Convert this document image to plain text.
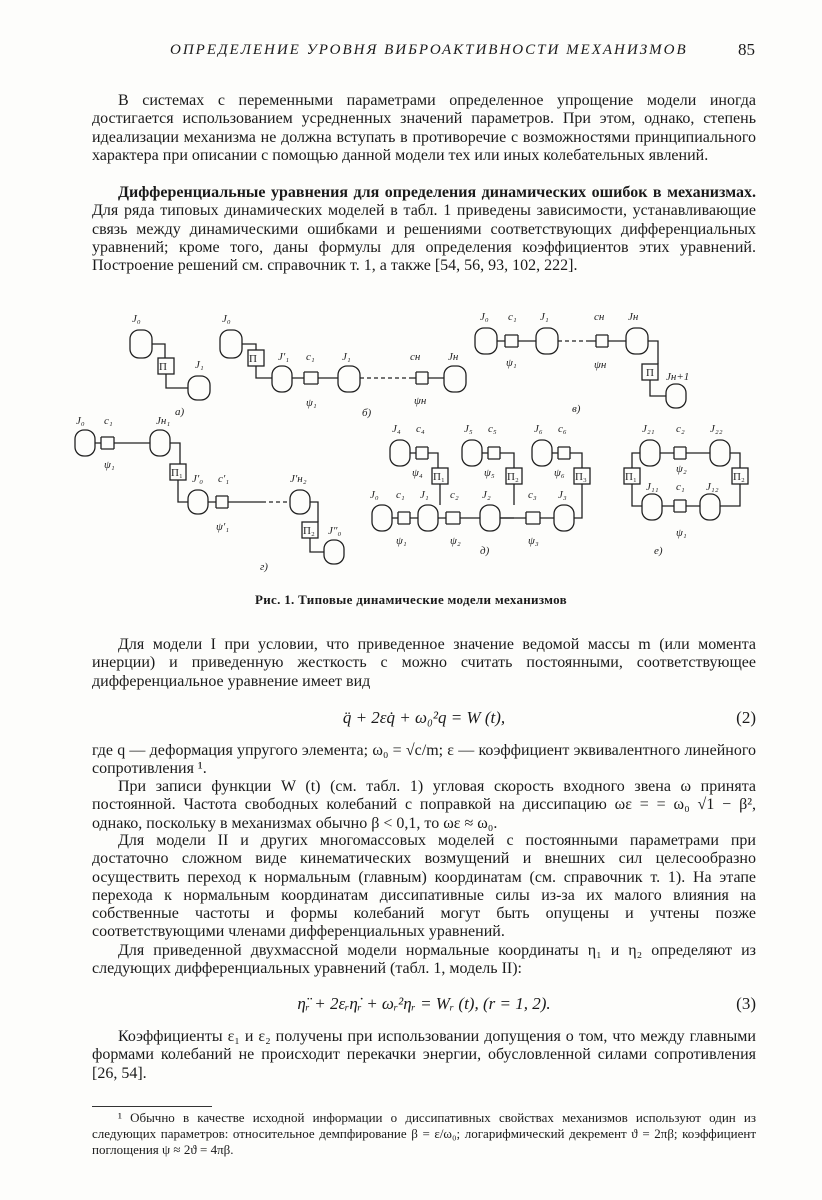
ОПРЕДЕЛЕНИЕ УРОВНЯ ВИБРОАКТИВНОСТИ МЕХАНИЗМОВ	85

В системах с переменными параметрами определенное упрощение модели иногда достигается использованием усредненных значений параметров. При этом, однако, степень идеализации механизма не должна вступать в противоречие с возможностями принципиального характера при описании с помощью данной модели тех или иных колебательных явлений.

Дифференциальные уравнения для определения динамических ошибок в механизмах. Для ряда типовых динамических моделей в табл. 1 приведены зависимости, устанавливающие связь между динамическими ошибками и решениями соответствующих дифференциальных уравнений; кроме того, даны формулы для определения коэффициентов этих уравнений. Построение решений см. справочник т. 1, а также [54, 56, 93, 102, 222].

J₀
J₁
П
а)
J₀
J′₁ c₁ J₁
ψ₁
cн	Jн
ψн
б)
П
J₀ c₁ J₁
ψ₁
cн Jн
ψн
Jн+1
П
в)
J₀ c₁
ψ₁
Jн₁
П₁ J′₀ c′₁
ψ′₁
J′н₂
П₂ J″₀
г)
J₀ c₁ J₁
ψ₁
c₂
ψ₂
J₂	c₃
ψ₃
J₃
J₄ c₄
ψ₄
J₅ c₅
ψ₅
J₆ c₆
ψ₆
П₁	П₂	П₃
д)
J₂₁ c₂
ψ₂
J₂₂
П₁
J₁₁ c₁
ψ₁
J₁₂
П₂
е)
Рис. 1. Типовые динамические модели механизмов

Для модели I при условии, что приведенное значение ведомой массы m (или момента инерции) и приведенную жесткость c можно считать постоянными, соответствующее дифференциальное уравнение имеет вид

q̈ + 2εq̇ + ω₀²q = W (t),	(2)

где q — деформация упругого элемента; ω₀ = √c/m; ε — коэффициент эквивалентного линейного сопротивления ¹.

При записи функции W (t) (см. табл. 1) угловая скорость входного звена ω принята постоянной. Частота свободных колебаний с поправкой на диссипацию ωε = = ω₀ √1 − β², однако, поскольку в механизмах обычно β < 0,1, то ωε ≈ ω₀.

Для модели II и других многомассовых моделей с постоянными параметрами при достаточно сложном виде кинематических возмущений и внешних сил целесообразно осуществить переход к нормальным (главным) координатам (см. справочник т. 1). На этапе перехода к нормальным координатам диссипативные силы из-за их малого влияния на собственные частоты и формы колебаний могут быть опущены и учтены позже соответствующими членами дифференциальных уравнений.

Для приведенной двухмассной модели нормальные координаты η₁ и η₂ определяют из следующих дифференциальных уравнений (табл. 1, модель II):

η̈ᵣ + 2εᵣη̇ᵣ + ωᵣ²ηᵣ = Wᵣ (t), (r = 1, 2).	(3)

Коэффициенты ε₁ и ε₂ получены при использовании допущения о том, что между главными формами колебаний не происходит перекачки энергии, обусловленной силами сопротивления [26, 54].

¹ Обычно в качестве исходной информации о диссипативных свойствах механизмов используют один из следующих параметров: относительное демпфирование β = ε/ω₀; логарифмический декремент ϑ = 2πβ; коэффициент поглощения ψ ≈ 2ϑ = 4πβ.
